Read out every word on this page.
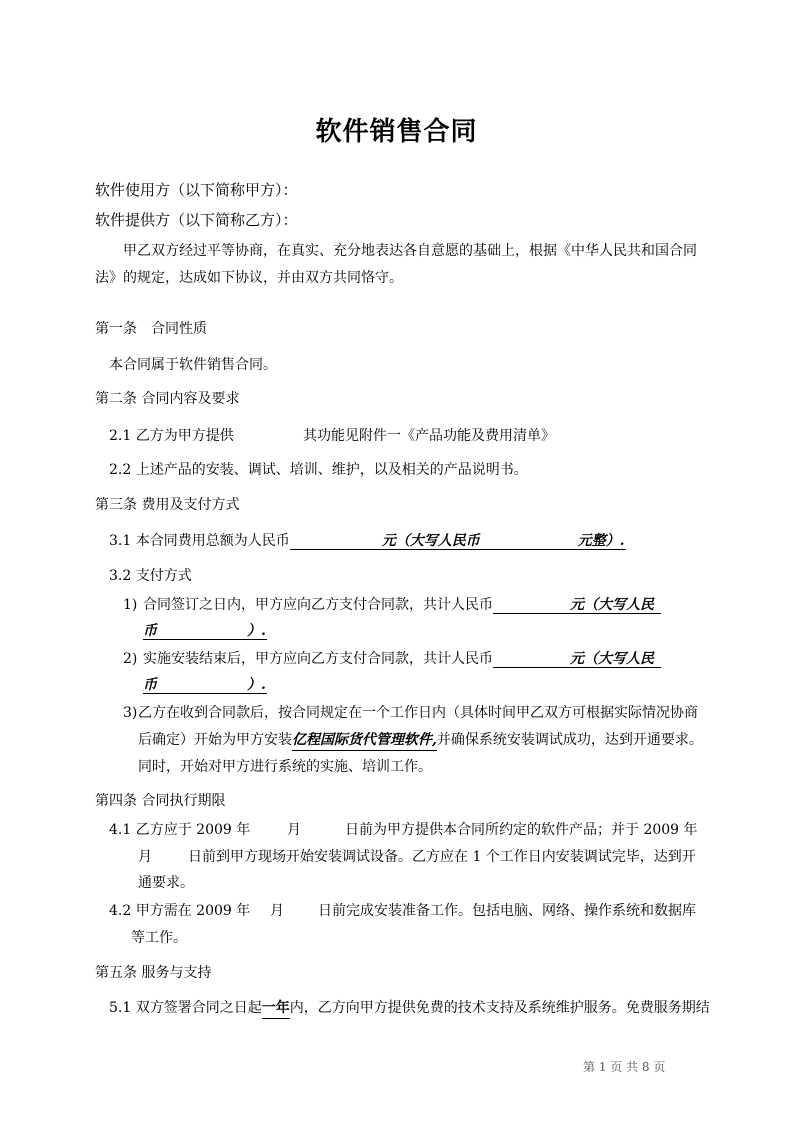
软件销售合同
软件使用方（以下简称甲方）：
软件提供方（以下简称乙方）：
甲乙双方经过平等协商，在真实、充分地表达各自意愿的基础上，根据《中华人民共和国合同
法》的规定，达成如下协议，并由双方共同恪守。
第一条　合同性质
本合同属于软件销售合同。
第二条 合同内容及要求
2.1 乙方为甲方提供	其功能见附件一《产品功能及费用清单》
2.2 上述产品的安装、调试、培训、维护，以及相关的产品说明书。
第三条 费用及支付方式
3.1 本合同费用总额为人民币	元（大写人民币	元整）.
3.2 支付方式
1) 合同签订之日内，甲方应向乙方支付合同款，共计人民币	元（大写人民
币	）.
2) 实施安装结束后，甲方应向乙方支付合同款，共计人民币	元（大写人民
币	）.
3) 乙方在收到合同款后，按合同规定在一个工作日内（具体时间甲乙双方可根据实际情况协商
后确定）开始为甲方安装亿程国际货代管理软件,并确保系统安装调试成功，达到开通要求。
同时，开始对甲方进行系统的实施、培训工作。
第四条 合同执行期限
4.1 乙方应于 2009 年	月	日前为甲方提供本合同所约定的软件产品；并于 2009 年
月	日前到甲方现场开始安装调试设备。乙方应在 1 个工作日内安装调试完毕，达到开
通要求。
4.2 甲方需在 2009 年 月 日前完成安装准备工作。包括电脑、网络、操作系统和数据库
等工作。
第五条 服务与支持
5.1 双方签署合同之日起一年内，乙方向甲方提供免费的技术支持及系统维护服务。免费服务期结
第 1 页 共 8 页
